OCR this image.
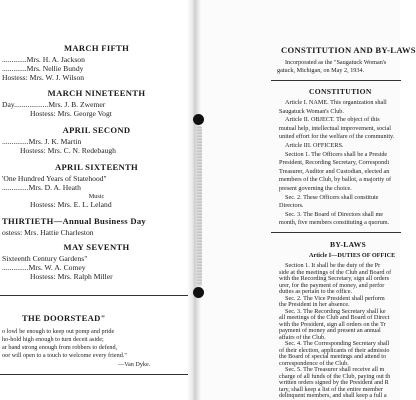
MARCH FIFTH
.............Mrs. H. A. Jackson
.............Mrs. Nellie Bundy
Hostess: Mrs. W. J. Wilson
MARCH NINETEENTH
Day..................Mrs. J. B. Zwemer
Hostess: Mrs. George Vogt
APRIL SECOND
..............Mrs. J. K. Martin
Hostess: Mrs. C. N. Redebaugh
APRIL SIXTEENTH
'One Hundred Years of Statehood"
..............Mrs. D. A. Heath
Music
Hostess: Mrs. E. L. Leland
THIRTIETH—Annual Business Day
ostess: Mrs. Hattie Charleston
MAY SEVENTH
Sixteenth Century Gardens"
..............Mrs. W. A. Comey
Hostess: Mrs. Ralph Miller
THE DOORSTEAD"
o lowl be enough to keep out pomp and pride
ho-hold high enough to turn deceit aside;
ar band strong enough from robbers to defend,
oor will open to a touch to welcome every friend."
—Van Dyke.
CONSTITUTION AND BY-LAWS
Incorporated as the "Saugatuck Woman's
gatuck, Michigan, on May 2, 1934.
CONSTITUTION
Article I. NAME. This organization shall
Saugatuck Woman's Club.
Article II. OBJECT. The object of this
mutual help, intellectual improvement, social
united effort for the welfare of the community.
Article III. OFFICERS.
Section 1. The Officers shall be a Preside
President, Recording Secretary, Correspondi
Treasurer, Auditor and Custodian, elected an
members of the Club, by ballot, a majority of
present governing the choice.
Sec. 2. These Officers shall constitute
Directors.
Sec. 3. The Board of Directors shall me
month, five members constituting a quorum.
BY-LAWS
Article I—DUTIES OF OFFICE
Section 1. It shall be the duty of the Pr
side at the meetings of the Club and Board of
with the Recording Secretary, sign all orders
urer, for the payment of money, and perfor
duties as pertain to the office.
Sec. 2. The Vice President shall perform
the President in her absence.
Sec. 3. The Recording Secretary shall ke
all meetings of the Club and Board of Direct
with the President, sign all orders on the Tr
payment of money and present an annual
affairs of the Club.
Sec. 4. The Corresponding Secretary shall
of their election, applicants of their admissio
the Board of special meetings and attend to
correspondence of the Club.
Sec. 5. The Treasurer shall receive all m
charge of all funds of the Club, paying out th
written orders signed by the President and R
tary, shall keep a list of the entire member
delinquent members, and shall keep a full a
